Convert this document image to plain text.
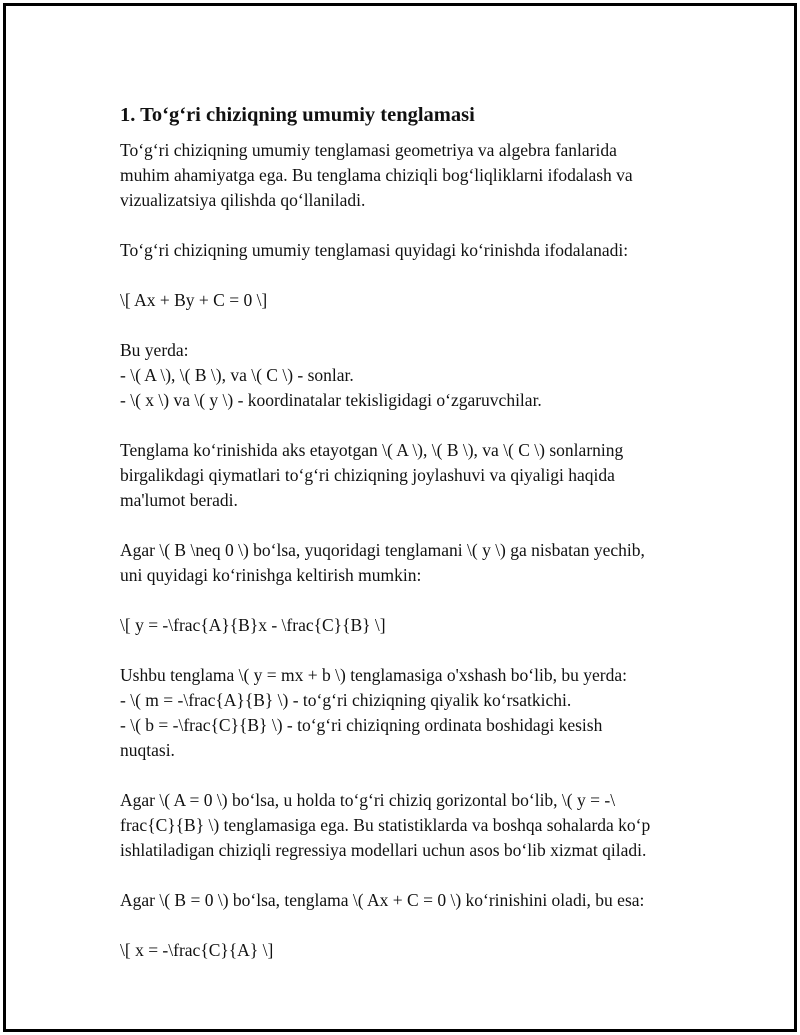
1. To‘g‘ri chiziqning umumiy tenglamasi

To‘g‘ri chiziqning umumiy tenglamasi geometriya va algebra fanlarida
muhim ahamiyatga ega. Bu tenglama chiziqli bog‘liqliklarni ifodalash va
vizualizatsiya qilishda qo‘llaniladi.

To‘g‘ri chiziqning umumiy tenglamasi quyidagi ko‘rinishda ifodalanadi:

\[ Ax + By + C = 0 \]

Bu yerda:
- \( A \), \( B \), va \( C \) - sonlar.
- \( x \) va \( y \) - koordinatalar tekisligidagi o‘zgaruvchilar.

Tenglama ko‘rinishida aks etayotgan \( A \), \( B \), va \( C \) sonlarning
birgalikdagi qiymatlari to‘g‘ri chiziqning joylashuvi va qiyaligi haqida
ma'lumot beradi.

Agar \( B \neq 0 \) bo‘lsa, yuqoridagi tenglamani \( y \) ga nisbatan yechib,
uni quyidagi ko‘rinishga keltirish mumkin:

\[ y = -\frac{A}{B}x - \frac{C}{B} \]

Ushbu tenglama \( y = mx + b \) tenglamasiga o'xshash bo‘lib, bu yerda:
- \( m = -\frac{A}{B} \) - to‘g‘ri chiziqning qiyalik ko‘rsatkichi.
- \( b = -\frac{C}{B} \) - to‘g‘ri chiziqning ordinata boshidagi kesish
nuqtasi.

Agar \( A = 0 \) bo‘lsa, u holda to‘g‘ri chiziq gorizontal bo‘lib, \( y = -\
frac{C}{B} \) tenglamasiga ega. Bu statistiklarda va boshqa sohalarda ko‘p
ishlatiladigan chiziqli regressiya modellari uchun asos bo‘lib xizmat qiladi.

Agar \( B = 0 \) bo‘lsa, tenglama \( Ax + C = 0 \) ko‘rinishini oladi, bu esa:

\[ x = -\frac{C}{A} \]
